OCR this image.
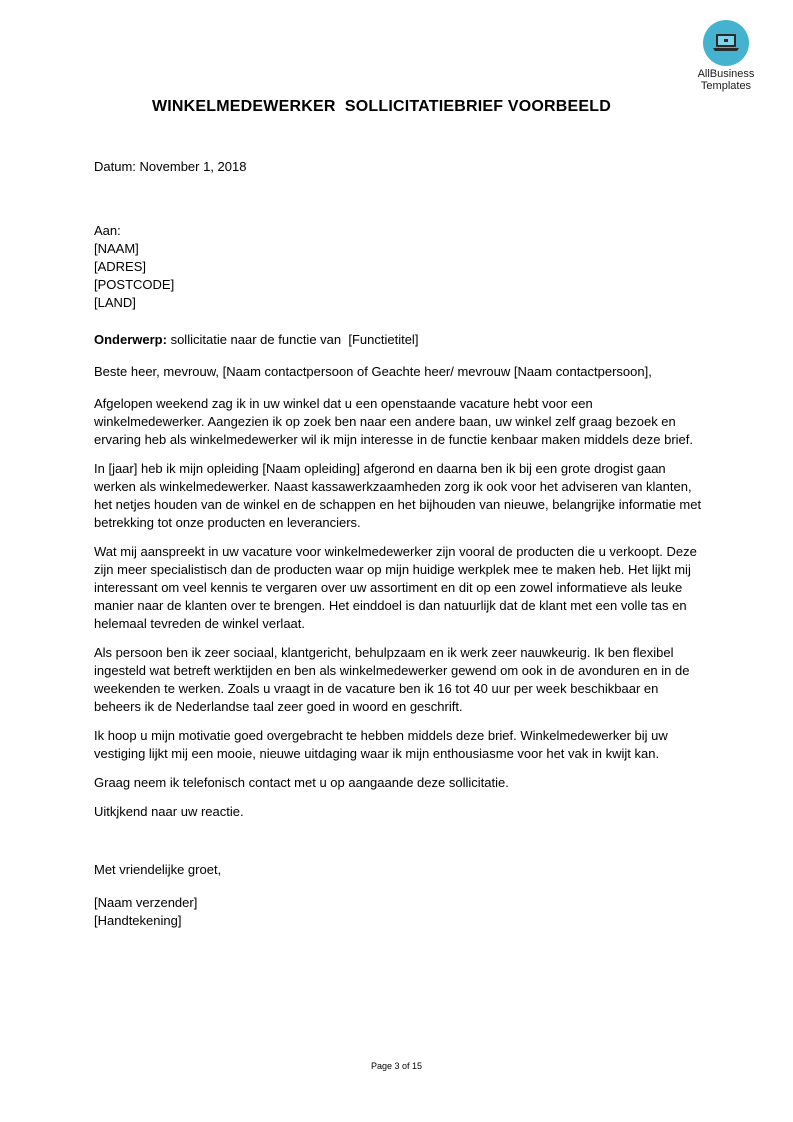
AllBusiness
Templates
WINKELMEDEWERKER  SOLLICITATIEBRIEF VOORBEELD

Datum: November 1, 2018

Aan:

[NAAM]

[ADRES]

[POSTCODE]

[LAND]

Onderwerp: sollicitatie naar de functie van  [Functietitel]

Beste heer, mevrouw, [Naam contactpersoon of Geachte heer/ mevrouw [Naam contactpersoon],

Afgelopen weekend zag ik in uw winkel dat u een openstaande vacature hebt voor een winkelmedewerker. Aangezien ik op zoek ben naar een andere baan, uw winkel zelf graag bezoek en ervaring heb als winkelmedewerker wil ik mijn interesse in de functie kenbaar maken middels deze brief.

In [jaar] heb ik mijn opleiding [Naam opleiding] afgerond en daarna ben ik bij een grote drogist gaan werken als winkelmedewerker. Naast kassawerkzaamheden zorg ik ook voor het adviseren van klanten, het netjes houden van de winkel en de schappen en het bijhouden van nieuwe, belangrijke informatie met betrekking tot onze producten en leveranciers.

Wat mij aanspreekt in uw vacature voor winkelmedewerker zijn vooral de producten die u verkoopt. Deze zijn meer specialistisch dan de producten waar op mijn huidige werkplek mee te maken heb. Het lijkt mij interessant om veel kennis te vergaren over uw assortiment en dit op een zowel informatieve als leuke manier naar de klanten over te brengen. Het einddoel is dan natuurlijk dat de klant met een volle tas en helemaal tevreden de winkel verlaat.

Als persoon ben ik zeer sociaal, klantgericht, behulpzaam en ik werk zeer nauwkeurig. Ik ben flexibel ingesteld wat betreft werktijden en ben als winkelmedewerker gewend om ook in de avonduren en in de weekenden te werken. Zoals u vraagt in de vacature ben ik 16 tot 40 uur per week beschikbaar en beheers ik de Nederlandse taal zeer goed in woord en geschrift.

Ik hoop u mijn motivatie goed overgebracht te hebben middels deze brief. Winkelmedewerker bij uw vestiging lijkt mij een mooie, nieuwe uitdaging waar ik mijn enthousiasme voor het vak in kwijt kan.

Graag neem ik telefonisch contact met u op aangaande deze sollicitatie.

Uitkjkend naar uw reactie.

Met vriendelijke groet,

[Naam verzender]

[Handtekening]

Page 3 of 15
